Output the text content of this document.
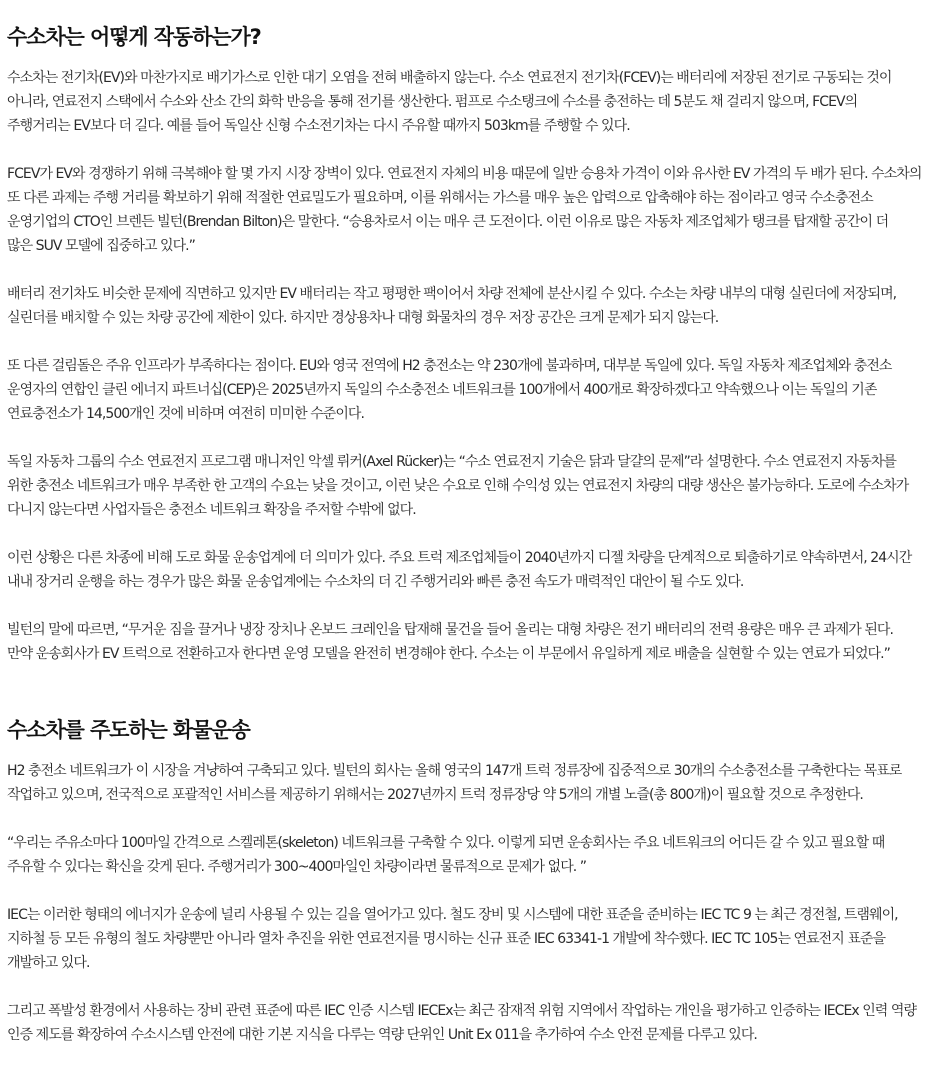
수소차는 어떻게 작동하는가?

수소차는 전기차(EV)와 마찬가지로 배기가스로 인한 대기 오염을 전혀 배출하지 않는다. 수소 연료전지 전기차(FCEV)는 배터리에 저장된 전기로 구동되는 것이
아니라, 연료전지 스택에서 수소와 산소 간의 화학 반응을 통해 전기를 생산한다. 펌프로 수소탱크에 수소를 충전하는 데 5분도 채 걸리지 않으며, FCEV의
주행거리는 EV보다 더 길다. 예를 들어 독일산 신형 수소전기차는 다시 주유할 때까지 503km를 주행할 수 있다.

FCEV가 EV와 경쟁하기 위해 극복해야 할 몇 가지 시장 장벽이 있다. 연료전지 자체의 비용 때문에 일반 승용차 가격이 이와 유사한 EV 가격의 두 배가 된다. 수소차의
또 다른 과제는 주행 거리를 확보하기 위해 적절한 연료밀도가 필요하며, 이를 위해서는 가스를 매우 높은 압력으로 압축해야 하는 점이라고 영국 수소충전소
운영기업의 CTO인 브렌든 빌턴(Brendan Bilton)은 말한다. “승용차로서 이는 매우 큰 도전이다. 이런 이유로 많은 자동차 제조업체가 탱크를 탑재할 공간이 더
많은 SUV 모델에 집중하고 있다.”

배터리 전기차도 비슷한 문제에 직면하고 있지만 EV 배터리는 작고 평평한 팩이어서 차량 전체에 분산시킬 수 있다. 수소는 차량 내부의 대형 실린더에 저장되며,
실린더를 배치할 수 있는 차량 공간에 제한이 있다. 하지만 경상용차나 대형 화물차의 경우 저장 공간은 크게 문제가 되지 않는다.

또 다른 걸림돌은 주유 인프라가 부족하다는 점이다. EU와 영국 전역에 H2 충전소는 약 230개에 불과하며, 대부분 독일에 있다. 독일 자동차 제조업체와 충전소
운영자의 연합인 클린 에너지 파트너십(CEP)은 2025년까지 독일의 수소충전소 네트워크를 100개에서 400개로 확장하겠다고 약속했으나 이는 독일의 기존
연료충전소가 14,500개인 것에 비하며 여전히 미미한 수준이다.

독일 자동차 그룹의 수소 연료전지 프로그램 매니저인 악셀 뤼커(Axel Rücker)는 “수소 연료전지 기술은 닭과 달걀의 문제”라 설명한다. 수소 연료전지 자동차를
위한 충전소 네트워크가 매우 부족한 한 고객의 수요는 낮을 것이고, 이런 낮은 수요로 인해 수익성 있는 연료전지 차량의 대량 생산은 불가능하다. 도로에 수소차가
다니지 않는다면 사업자들은 충전소 네트워크 확장을 주저할 수밖에 없다.

이런 상황은 다른 차종에 비해 도로 화물 운송업계에 더 의미가 있다. 주요 트럭 제조업체들이 2040년까지 디젤 차량을 단계적으로 퇴출하기로 약속하면서, 24시간
내내 장거리 운행을 하는 경우가 많은 화물 운송업계에는 수소차의 더 긴 주행거리와 빠른 충전 속도가 매력적인 대안이 될 수도 있다.

빌턴의 말에 따르면, “무거운 짐을 끌거나 냉장 장치나 온보드 크레인을 탑재해 물건을 들어 올리는 대형 차량은 전기 배터리의 전력 용량은 매우 큰 과제가 된다.
만약 운송회사가 EV 트럭으로 전환하고자 한다면 운영 모델을 완전히 변경해야 한다. 수소는 이 부문에서 유일하게 제로 배출을 실현할 수 있는 연료가 되었다.”

수소차를 주도하는 화물운송

H2 충전소 네트워크가 이 시장을 겨냥하여 구축되고 있다. 빌턴의 회사는 올해 영국의 147개 트럭 정류장에 집중적으로 30개의 수소충전소를 구축한다는 목표로
작업하고 있으며, 전국적으로 포괄적인 서비스를 제공하기 위해서는 2027년까지 트럭 정류장당 약 5개의 개별 노즐(총 800개)이 필요할 것으로 추정한다.

“우리는 주유소마다 100마일 간격으로 스켈레톤(skeleton) 네트워크를 구축할 수 있다. 이렇게 되면 운송회사는 주요 네트워크의 어디든 갈 수 있고 필요할 때
주유할 수 있다는 확신을 갖게 된다. 주행거리가 300~400마일인 차량이라면 물류적으로 문제가 없다. ”

IEC는 이러한 형태의 에너지가 운송에 널리 사용될 수 있는 길을 열어가고 있다. 철도 장비 및 시스템에 대한 표준을 준비하는 IEC TC 9 는 최근 경전철, 트램웨이,
지하철 등 모든 유형의 철도 차량뿐만 아니라 열차 추진을 위한 연료전지를 명시하는 신규 표준 IEC 63341-1 개발에 착수했다. IEC TC 105는 연료전지 표준을
개발하고 있다.

그리고 폭발성 환경에서 사용하는 장비 관련 표준에 따른 IEC 인증 시스템 IECEx는 최근 잠재적 위험 지역에서 작업하는 개인을 평가하고 인증하는 IECEx 인력 역량
인증 제도를 확장하여 수소시스템 안전에 대한 기본 지식을 다루는 역량 단위인 Unit Ex 011을 추가하여 수소 안전 문제를 다루고 있다.
